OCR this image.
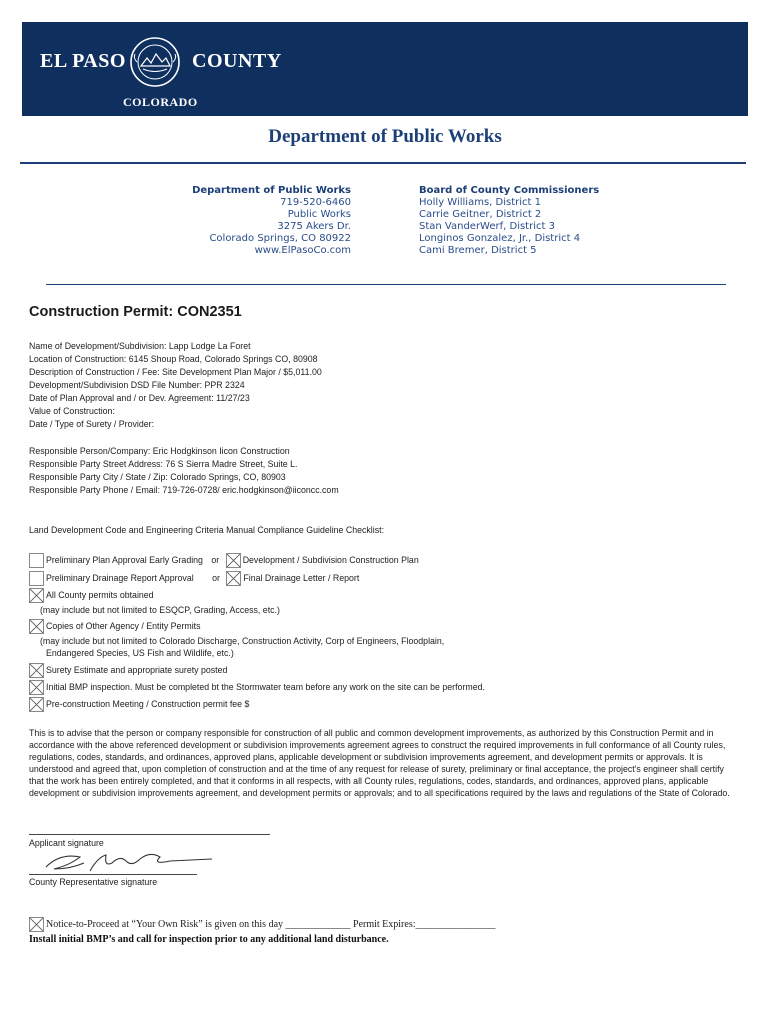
EL PASO	COUNTY
COLORADO
Department of Public Works
Department of Public Works
719-520-6460
Public Works
3275 Akers Dr.
Colorado Springs, CO 80922
www.ElPasoCo.com
Board of County Commissioners
Holly Williams, District 1
Carrie Geitner, District 2
Stan VanderWerf, District 3
Longinos Gonzalez, Jr., District 4
Cami Bremer, District 5
Construction Permit: CON2351
Name of Development/Subdivision: Lapp Lodge La Foret
Location of Construction: 6145 Shoup Road, Colorado Springs CO, 80908
Description of Construction / Fee: Site Development Plan Major / $5,011.00
Development/Subdivision DSD File Number: PPR 2324
Date of Plan Approval and / or Dev. Agreement: 11/27/23
Value of Construction:
Date / Type of Surety / Provider:
Responsible Person/Company: Eric Hodgkinson Iicon Construction
Responsible Party Street Address: 76 S Sierra Madre Street, Suite L.
Responsible Party City / State / Zip: Colorado Springs, CO, 80903
Responsible Party Phone / Email: 719-726-0728/ eric.hodgkinson@iiconcc.com
Land Development Code and Engineering Criteria Manual Compliance Guideline Checklist:
Preliminary Plan Approval Early Grading or	Development / Subdivision Construction Plan
Preliminary Drainage Report Approval or	Final Drainage Letter / Report
All County permits obtained
(may include but not limited to ESQCP, Grading, Access, etc.)
Copies of Other Agency / Entity Permits
(may include but not limited to Colorado Discharge, Construction Activity, Corp of Engineers, Floodplain,
Endangered Species, US Fish and Wildlife, etc.)
Surety Estimate and appropriate surety posted
Initial BMP inspection. Must be completed bt the Stormwater team before any work on the site can be performed.
Pre-construction Meeting / Construction permit fee $
This is to advise that the person or company responsible for construction of all public and common development improvements, as authorized by this Construction Permit and in accordance with the above referenced development or subdivision improvements agreement agrees to construct the required improvements in full conformance of all County rules, regulations, codes, standards, and ordinances, approved plans, applicable development or subdivision improvements agreement, and development permits or approvals. It is understood and agreed that, upon completion of construction and at the time of any request for release of surety, preliminary or final acceptance, the project's engineer shall certify that the work has been entirely completed, and that it conforms in all respects, with all County rules, regulations, codes, standards, and ordinances, approved plans, applicable development or subdivision improvements agreement, and development permits or approvals; and to all specifications required by the laws and regulations of the State of Colorado.
Applicant signature
County Representative signature
Notice-to-Proceed at “Your Own Risk” is given on this day _____________ Permit Expires:________________
Install initial BMP’s and call for inspection prior to any additional land disturbance.
